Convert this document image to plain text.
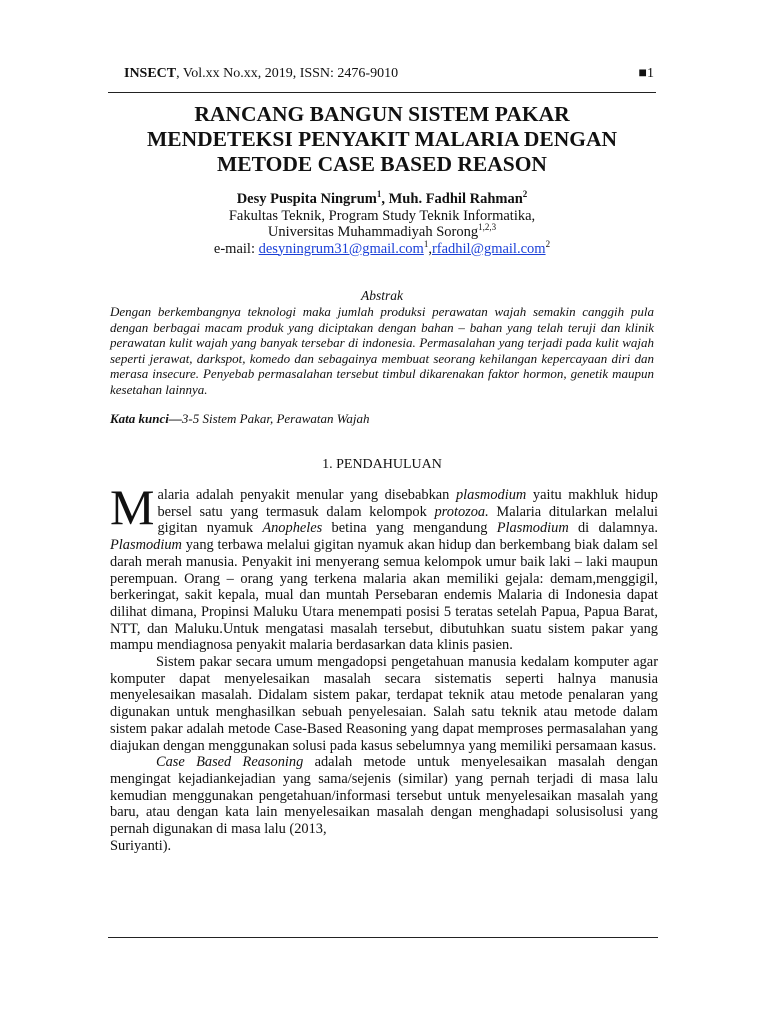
INSECT, Vol.xx No.xx, 2019, ISSN: 2476-9010	■1
RANCANG BANGUN SISTEM PAKAR
MENDETEKSI PENYAKIT MALARIA DENGAN
METODE CASE BASED REASON
Desy Puspita Ningrum$^1$, Muh. Fadhil Rahman$^2$
Fakultas Teknik, Program Study Teknik Informatika,
Universitas Muhammadiyah Sorong$^{1,2,3}$
e-mail: desyningrum31@gmail.com$^1$,rfadhil@gmail.com$^2$
Abstrak
Dengan berkembangnya teknologi maka jumlah produksi perawatan wajah semakin canggih pula dengan berbagai macam produk yang diciptakan dengan bahan – bahan yang telah teruji dan klinik perawatan kulit wajah yang banyak tersebar di indonesia. Permasalahan yang terjadi pada kulit wajah seperti jerawat, darkspot, komedo dan sebagainya membuat seorang kehilangan kepercayaan diri dan merasa insecure. Penyebab permasalahan tersebut timbul dikarenakan faktor hormon, genetik maupun kesetahan lainnya.
Kata kunci—3-5 Sistem Pakar, Perawatan Wajah
1. PENDAHULUAN

Malaria adalah penyakit menular yang disebabkan plasmodium yaitu makhluk hidup bersel satu yang termasuk dalam kelompok protozoa. Malaria ditularkan melalui gigitan nyamuk Anopheles betina yang mengandung Plasmodium di dalamnya. Plasmodium yang terbawa melalui gigitan nyamuk akan hidup dan berkembang biak dalam sel darah merah manusia. Penyakit ini menyerang semua kelompok umur baik laki – laki maupun perempuan. Orang – orang yang terkena malaria akan memiliki gejala: demam,menggigil, berkeringat, sakit kepala, mual dan muntah Persebaran endemis Malaria di Indonesia dapat dilihat dimana, Propinsi Maluku Utara menempati posisi 5 teratas setelah Papua, Papua Barat, NTT, dan Maluku.Untuk mengatasi masalah tersebut, dibutuhkan suatu sistem pakar yang mampu mendiagnosa penyakit malaria berdasarkan data klinis pasien.

Sistem pakar secara umum mengadopsi pengetahuan manusia kedalam komputer agar komputer dapat menyelesaikan masalah secara sistematis seperti halnya manusia menyelesaikan masalah. Didalam sistem pakar, terdapat teknik atau metode penalaran yang digunakan untuk menghasilkan sebuah penyelesaian. Salah satu teknik atau metode dalam sistem pakar adalah metode Case-Based Reasoning yang dapat memproses permasalahan yang diajukan dengan menggunakan solusi pada kasus sebelumnya yang memiliki persamaan kasus.

Case Based Reasoning adalah metode untuk menyelesaikan masalah dengan mengingat kejadiankejadian yang sama/sejenis (similar) yang pernah terjadi di masa lalu kemudian menggunakan pengetahuan/informasi tersebut untuk menyelesaikan masalah yang baru, atau dengan kata lain menyelesaikan masalah dengan menghadapi solusisolusi yang pernah digunakan di masa lalu (2013,
Suriyanti).
